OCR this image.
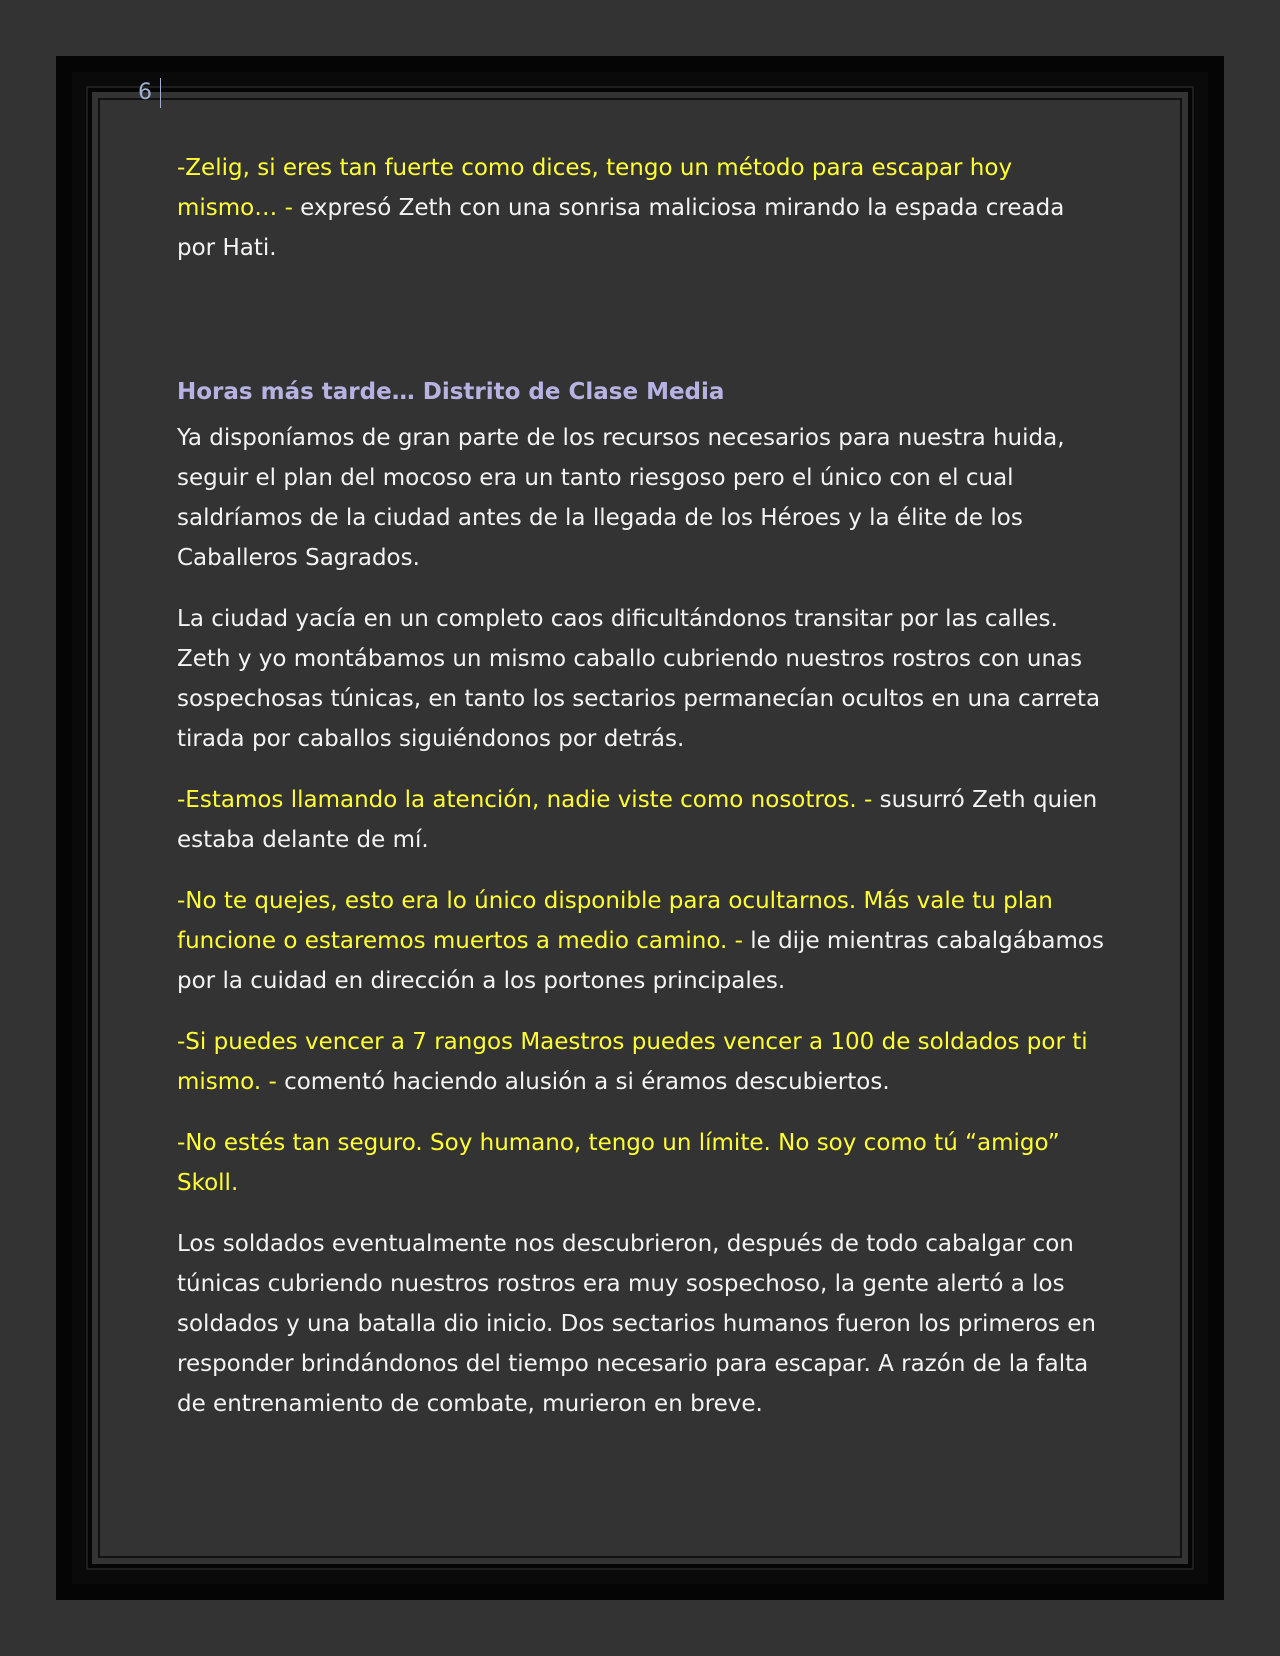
6

-Zelig, si eres tan fuerte como dices, tengo un método para escapar hoy mismo… - expresó Zeth con una sonrisa maliciosa mirando la espada creada por Hati.

Horas más tarde… Distrito de Clase Media

Ya disponíamos de gran parte de los recursos necesarios para nuestra huida, seguir el plan del mocoso era un tanto riesgoso pero el único con el cual saldríamos de la ciudad antes de la llegada de los Héroes y la élite de los Caballeros Sagrados.

La ciudad yacía en un completo caos dificultándonos transitar por las calles. Zeth y yo montábamos un mismo caballo cubriendo nuestros rostros con unas sospechosas túnicas, en tanto los sectarios permanecían ocultos en una carreta tirada por caballos siguiéndonos por detrás.

-Estamos llamando la atención, nadie viste como nosotros. - susurró Zeth quien estaba delante de mí.

-No te quejes, esto era lo único disponible para ocultarnos. Más vale tu plan funcione o estaremos muertos a medio camino. - le dije mientras cabalgábamos por la cuidad en dirección a los portones principales.

-Si puedes vencer a 7 rangos Maestros puedes vencer a 100 de soldados por ti mismo. - comentó haciendo alusión a si éramos descubiertos.

-No estés tan seguro. Soy humano, tengo un límite. No soy como tú “amigo” Skoll.

Los soldados eventualmente nos descubrieron, después de todo cabalgar con túnicas cubriendo nuestros rostros era muy sospechoso, la gente alertó a los soldados y una batalla dio inicio. Dos sectarios humanos fueron los primeros en responder brindándonos del tiempo necesario para escapar. A razón de la falta de entrenamiento de combate, murieron en breve.
